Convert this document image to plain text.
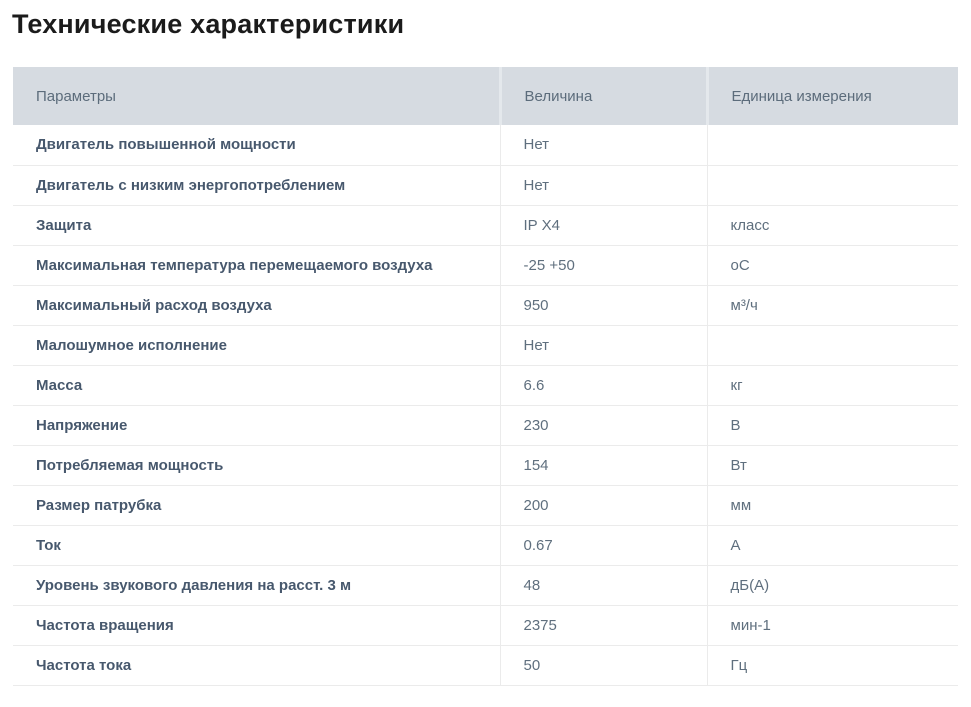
Технические характеристики
Параметры	Величина	Единица измерения
Двигатель повышенной мощности	Нет	
Двигатель с низким энергопотреблением	Нет	
Защита	IP X4	класс
Максимальная температура перемещаемого воздуха	-25 +50	оС
Максимальный расход воздуха	950	м³/ч
Малошумное исполнение	Нет	
Масса	6.6	кг
Напряжение	230	В
Потребляемая мощность	154	Вт
Размер патрубка	200	мм
Ток	0.67	А
Уровень звукового давления на расст. 3 м	48	дБ(А)
Частота вращения	2375	мин-1
Частота тока	50	Гц
